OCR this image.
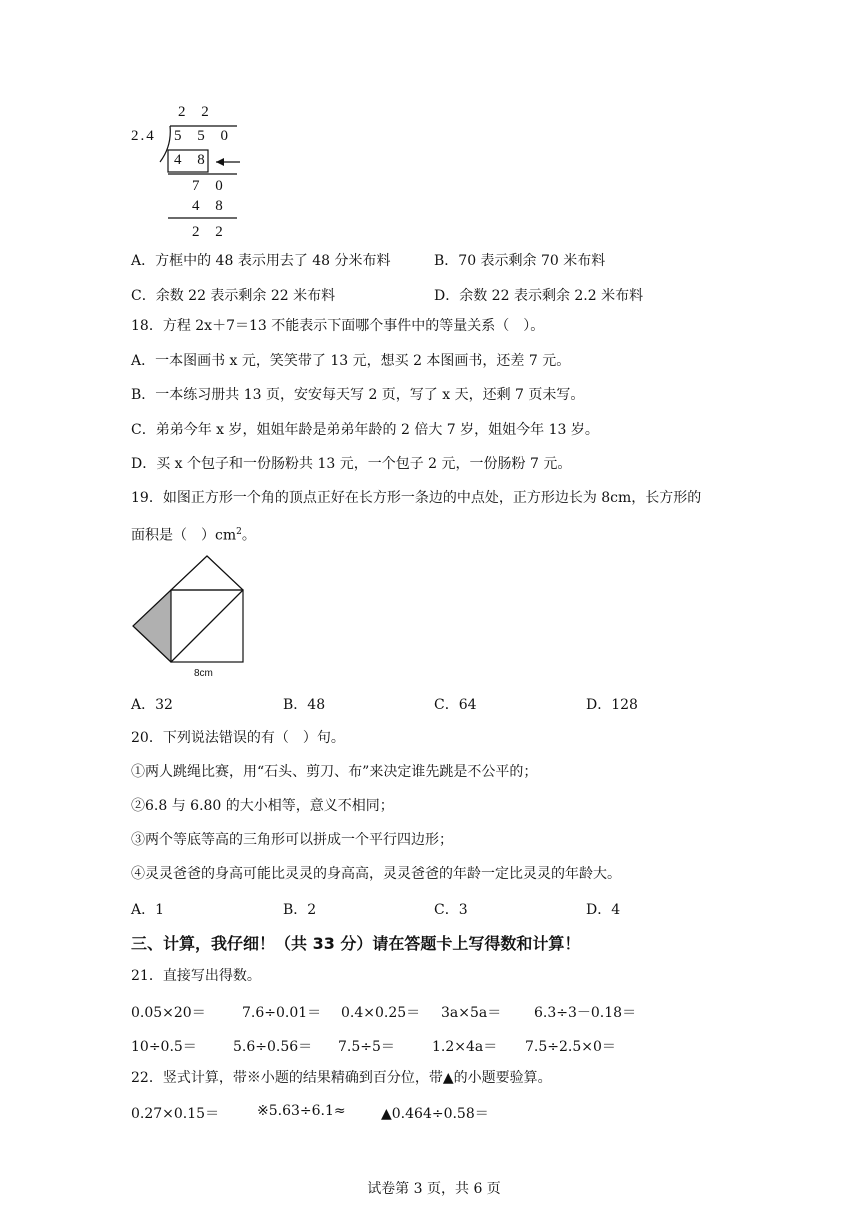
2 2
2.4 5 5 0
4 8
7 0
4 8
2 2
A．方框中的 48 表示用去了 48 分米布料	B．70 表示剩余 70 米布料
C．余数 22 表示剩余 22 米布料	D．余数 22 表示剩余 2.2 米布料
18．方程 2x＋7＝13 不能表示下面哪个事件中的等量关系（　）。
A．一本图画书 x 元，笑笑带了 13 元，想买 2 本图画书，还差 7 元。
B．一本练习册共 13 页，安安每天写 2 页，写了 x 天，还剩 7 页未写。
C．弟弟今年 x 岁，姐姐年龄是弟弟年龄的 2 倍大 7 岁，姐姐今年 13 岁。
D．买 x 个包子和一份肠粉共 13 元，一个包子 2 元，一份肠粉 7 元。
19．如图正方形一个角的顶点正好在长方形一条边的中点处，正方形边长为 8cm，长方形的
面积是（　）$cm^2$。
8cm
A．32	B．48	C．64	D．128
20．下列说法错误的有（　）句。
①两人跳绳比赛，用“石头、剪刀、布”来决定谁先跳是不公平的；
②6.8 与 6.80 的大小相等，意义不相同；
③两个等底等高的三角形可以拼成一个平行四边形；
④灵灵爸爸的身高可能比灵灵的身高高，灵灵爸爸的年龄一定比灵灵的年龄大。
A．1	B．2	C．3	D．4
三、计算，我仔细！（共 33 分）请在答题卡上写得数和计算！
21．直接写出得数。
0.05×20＝	7.6÷0.01＝ 0.4×0.25＝ 3a×5a＝ 6.3÷3－0.18＝
10÷0.5＝	5.6÷0.56＝ 7.5÷5＝	1.2×4a＝ 7.5÷2.5×0＝
22．竖式计算，带※小题的结果精确到百分位，带▲的小题要验算。
0.27×0.15＝	※5.63÷6.1≈	▲0.464÷0.58＝
试卷第 3 页，共 6 页
